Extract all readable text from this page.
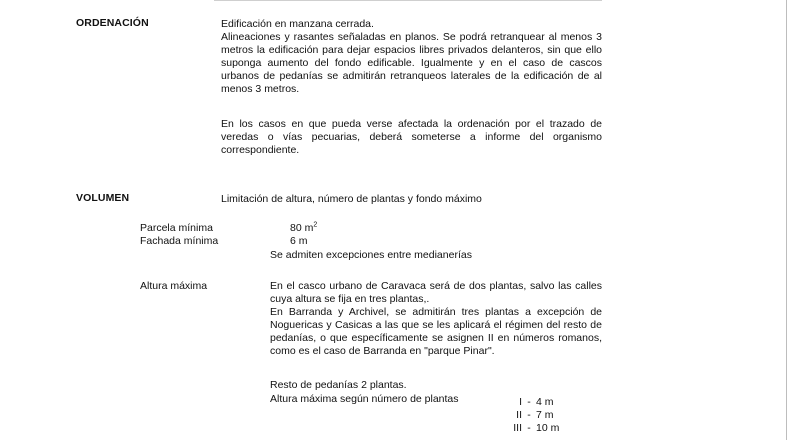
ORDENACIÓN	Edificación en manzana cerrada.
Alineaciones y rasantes señaladas en planos. Se podrá retranquear al menos 3 metros la edificación para dejar espacios libres privados delanteros, sin que ello suponga aumento del fondo edificable. Igualmente y en el caso de cascos urbanos de pedanías se admitirán retranqueos laterales de la edificación de al menos 3 metros.
En los casos en que pueda verse afectada la ordenación por el trazado de veredas o vías pecuarias, deberá someterse a informe del organismo correspondiente.
VOLUMEN	Limitación de altura, número de plantas y fondo máximo
Parcela mínima	80 $m^2$
Fachada mínima	6 m
Se admiten excepciones entre medianerías
Altura máxima	En el casco urbano de Caravaca será de dos plantas, salvo las calles cuya altura se fija en tres plantas,.
En Barranda y Archivel, se admitirán tres plantas a excepción de Noguericas y Casicas a las que se les aplicará el régimen del resto de pedanías, o que específicamente se asignen II en números romanos, como es el caso de Barranda en "parque Pinar".
Resto de pedanías 2 plantas.
Altura máxima según número de plantas	I - 4 m
II - 7 m
III - 10 m
